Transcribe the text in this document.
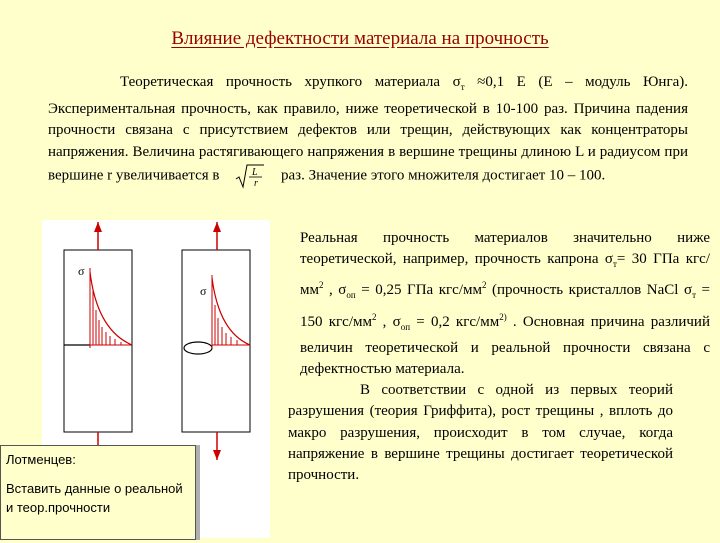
Влияние дефектности материала на прочность
Теоретическая прочность хрупкого материала $\sigma_т \approx 0,1$ Е (Е – модуль Юнга). Экспериментальная прочность, как правило, ниже теоретической в 10-100 раз. Причина падения прочности связана с присутствием дефектов или трещин, действующих как концентраторы напряжения. Величина растягивающего напряжения в вершине трещины длиною L и радиусом при вершине r увеличивается в	L
r
раз. Значение этого множителя достигает 10 – 100.
σ
σ

Реальная прочность материалов значительно ниже теоретической, например, прочность капрона $\sigma_т= 30$ ГПа кгс/$мм^2$ , $\sigma_{оп} = 0,25$ ГПа кгс/$мм^2$ (прочность кристаллов NaCl $\sigma_т = 150$ кгс/$мм^2$ , $\sigma_{оп} = 0,2$ кгс/$мм^{2)}$ . Основная причина различий величин теоретической и реальной прочности связана с дефектностью материала.

В соответствии с одной из первых теорий разрушения (теория Гриффита), рост трещины , вплоть до макро разрушения, происходит в том случае, когда напряжение в вершине трещины достигает теоретической прочности.

Лотменцев:
Вставить данные о реальной и теор.прочности
